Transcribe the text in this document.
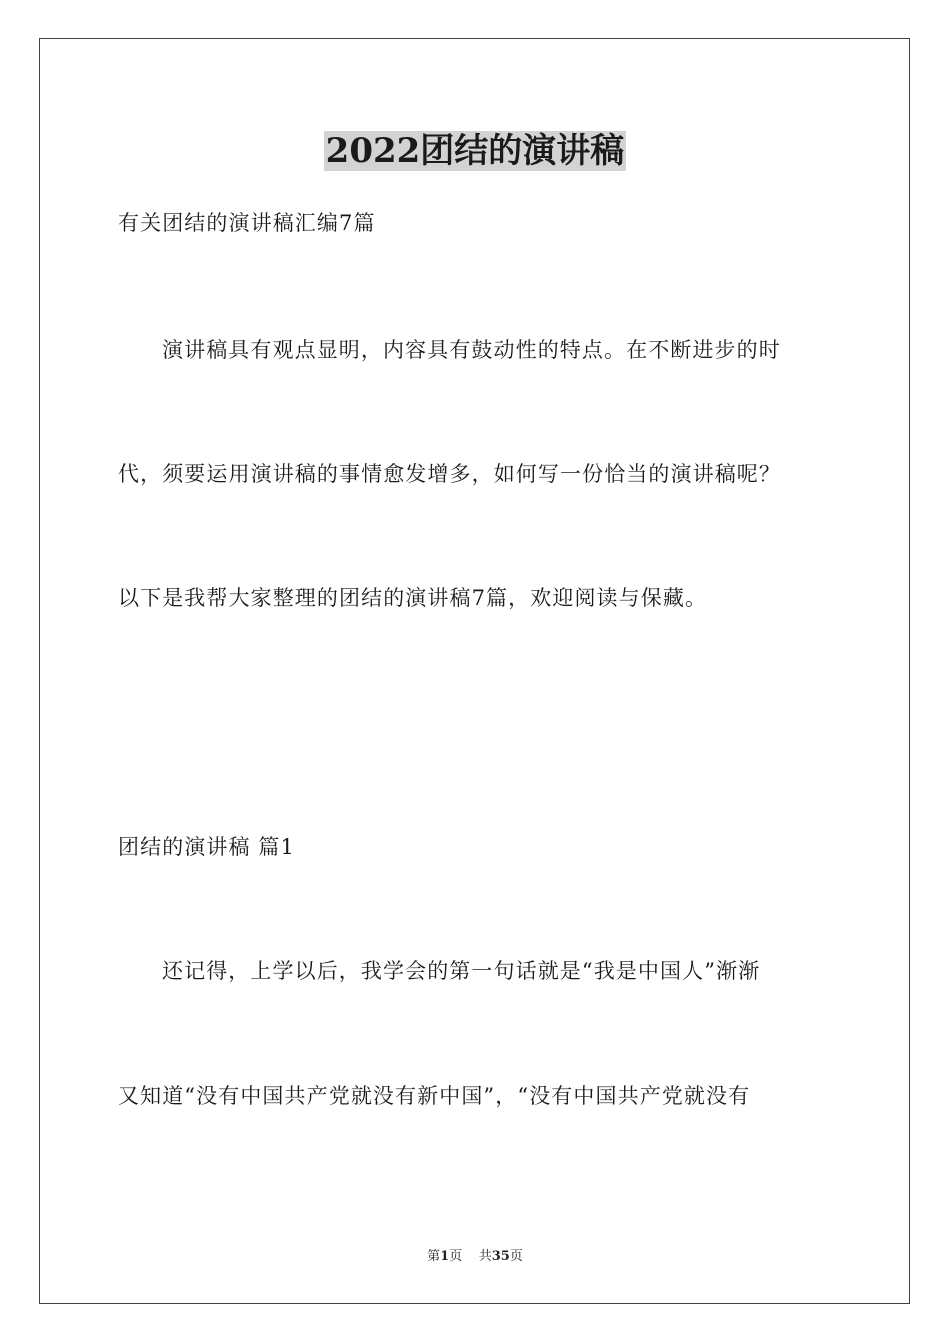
2022团结的演讲稿
有关团结的演讲稿汇编7篇
演讲稿具有观点显明，内容具有鼓动性的特点。在不断进步的时
代，须要运用演讲稿的事情愈发增多，如何写一份恰当的演讲稿呢？
以下是我帮大家整理的团结的演讲稿7篇，欢迎阅读与保藏。
团结的演讲稿 篇1
还记得，上学以后，我学会的第一句话就是“我是中国人”渐渐
又知道“没有中国共产党就没有新中国”，“没有中国共产党就没有
第1页 共35页
